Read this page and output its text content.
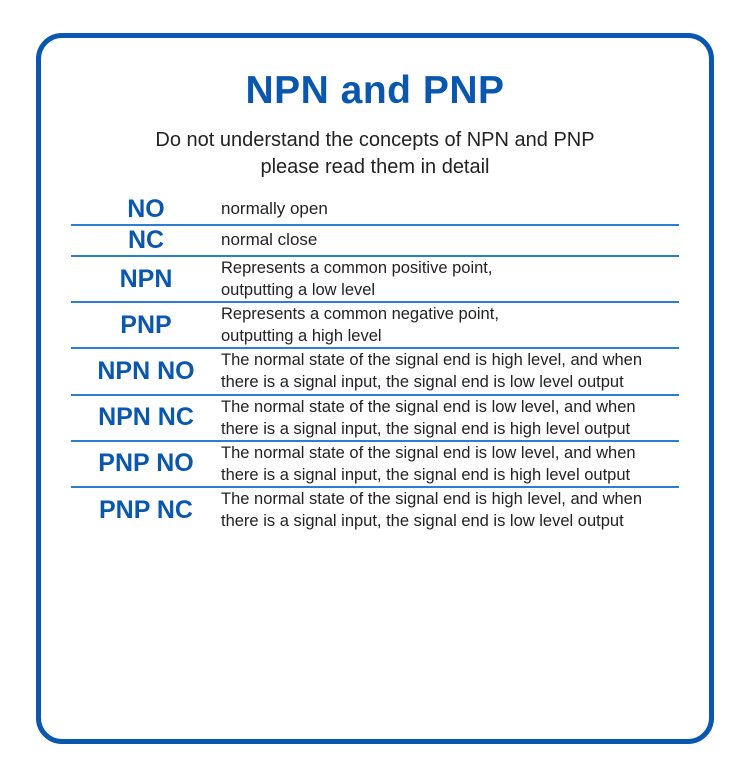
NPN and PNP
Do not understand the concepts of NPN and PNP
please read them in detail
NO	normally open

NC	normal close

NPN	Represents a common positive point,
outputting a low level

PNP	Represents a common negative point,
outputting a high level

NPN NO	The normal state of the signal end is high level, and when
there is a signal input, the signal end is low level output

NPN NC	The normal state of the signal end is low level, and when
there is a signal input, the signal end is high level output

PNP NO	The normal state of the signal end is low level, and when
there is a signal input, the signal end is high level output

PNP NC	The normal state of the signal end is high level, and when
there is a signal input, the signal end is low level output
